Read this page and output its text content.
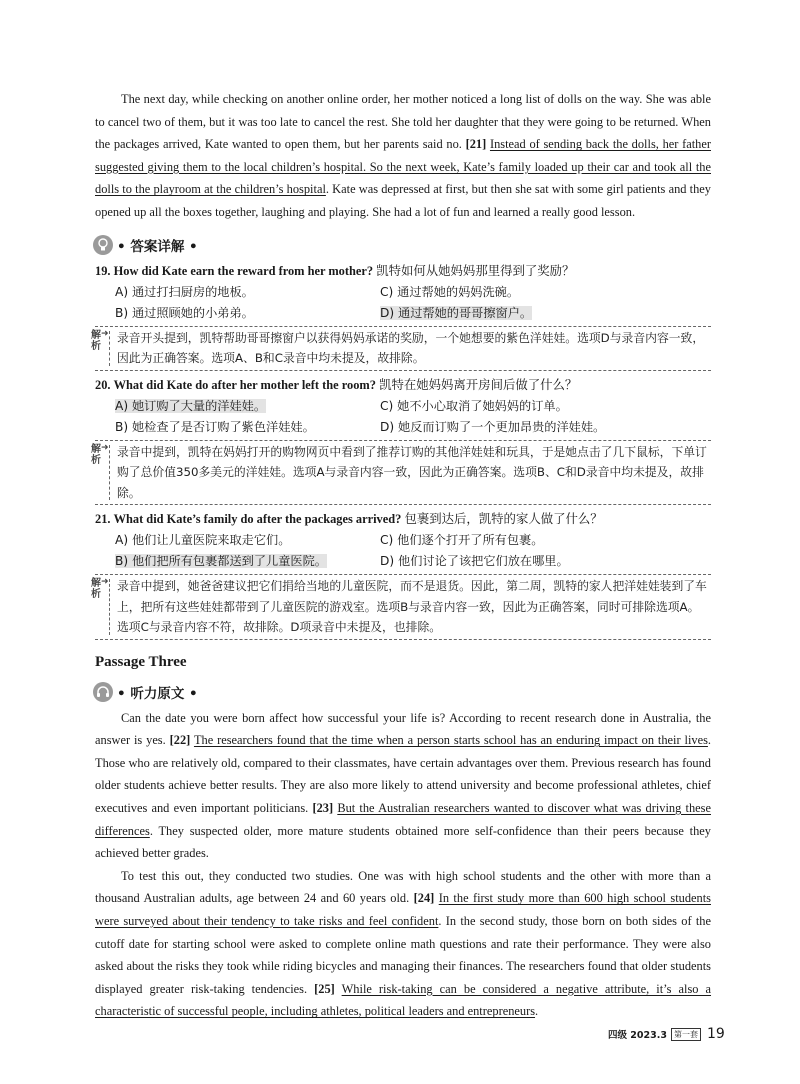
The next day, while checking on another online order, her mother noticed a long list of dolls on the way. She was able to cancel two of them, but it was too late to cancel the rest. She told her daughter that they were going to be returned. When the packages arrived, Kate wanted to open them, but her parents said no. [21] Instead of sending back the dolls, her father suggested giving them to the local children’s hospital. So the next week, Kate’s family loaded up their car and took all the dolls to the playroom at the children’s hospital. Kate was depressed at first, but then she sat with some girl patients and they opened up all the boxes together, laughing and playing. She had a lot of fun and learned a really good lesson.

• 答案详解 •
19. How did Kate earn the reward from her mother? 凯特如何从她妈妈那里得到了奖励？
A) 通过打扫厨房的地板。	C) 通过帮她的妈妈洗碗。
B) 通过照顾她的小弟弟。	D) 通过帮她的哥哥擦窗户。
解
析 ➜
录音开头提到，凯特帮助哥哥擦窗户以获得妈妈承诺的奖励，一个她想要的紫色洋娃娃。选项D与录音内容一致，因此为正确答案。选项A、B和C录音中均未提及，故排除。
20. What did Kate do after her mother left the room? 凯特在她妈妈离开房间后做了什么？
A) 她订购了大量的洋娃娃。	C) 她不小心取消了她妈妈的订单。
B) 她检查了是否订购了紫色洋娃娃。	D) 她反而订购了一个更加昂贵的洋娃娃。
解
析 ➜
录音中提到，凯特在妈妈打开的购物网页中看到了推荐订购的其他洋娃娃和玩具，于是她点击了几下鼠标，下单订购了总价值350多美元的洋娃娃。选项A与录音内容一致，因此为正确答案。选项B、C和D录音中均未提及，故排除。
21. What did Kate’s family do after the packages arrived? 包裹到达后，凯特的家人做了什么？
A) 他们让儿童医院来取走它们。	C) 他们逐个打开了所有包裹。
B) 他们把所有包裹都送到了儿童医院。	D) 他们讨论了该把它们放在哪里。
解
析 ➜
录音中提到，她爸爸建议把它们捐给当地的儿童医院，而不是退货。因此，第二周，凯特的家人把洋娃娃装到了车上，把所有这些娃娃都带到了儿童医院的游戏室。选项B与录音内容一致，因此为正确答案，同时可排除选项A。选项C与录音内容不符，故排除。D项录音中未提及，也排除。
Passage Three
• 听力原文 •

Can the date you were born affect how successful your life is? According to recent research done in Australia, the answer is yes. [22] The researchers found that the time when a person starts school has an enduring impact on their lives. Those who are relatively old, compared to their classmates, have certain advantages over them. Previous research has found older students achieve better results. They are also more likely to attend university and become professional athletes, chief executives and even important politicians. [23] But the Australian researchers wanted to discover what was driving these differences. They suspected older, more mature students obtained more self-confidence than their peers because they achieved better grades.

To test this out, they conducted two studies. One was with high school students and the other with more than a thousand Australian adults, age between 24 and 60 years old. [24] In the first study more than 600 high school students were surveyed about their tendency to take risks and feel confident. In the second study, those born on both sides of the cutoff date for starting school were asked to complete online math questions and rate their performance. They were also asked about the risks they took while riding bicycles and managing their finances. The researchers found that older students displayed greater risk-taking tendencies. [25] While risk-taking can be considered a negative attribute, it’s also a characteristic of successful people, including athletes, political leaders and entrepreneurs.

四级 2023.3 第一套 19
